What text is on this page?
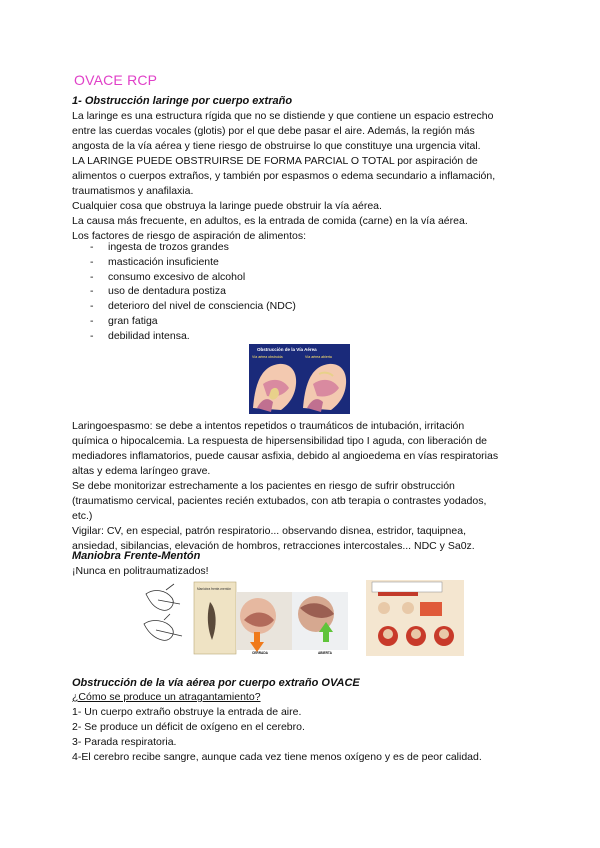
OVACE RCP
1- Obstrucción laringe por cuerpo extraño
La laringe es una estructura rígida que no se distiende y que contiene un espacio estrecho
entre las cuerdas vocales (glotis) por el que debe pasar el aire. Además, la región más
angosta de la vía aérea y tiene riesgo de obstruirse lo que constituye una urgencia vital.
LA LARINGE PUEDE OBSTRUIRSE DE FORMA PARCIAL O TOTAL por aspiración de
alimentos o cuerpos extraños, y también por espasmos o edema secundario a inflamación,
traumatismos y anafilaxia.
Cualquier cosa que obstruya la laringe puede obstruir la vía aérea.
La causa más frecuente, en adultos, es la entrada de comida (carne) en la vía aérea.
Los factores de riesgo de aspiración de alimentos:
-	ingesta de trozos grandes
-	masticación insuficiente
-	consumo excesivo de alcohol
-	uso de dentadura postiza
-	deterioro del nivel de consciencia (NDC)
-	gran fatiga
-	debilidad intensa.
Obstrucción de la Vía Aérea
Vía aérea obstruida	Vía aérea abierta
Laringoespasmo: se debe a intentos repetidos o traumáticos de intubación, irritación
química o hipocalcemia. La respuesta de hipersensibilidad tipo I aguda, con liberación de
mediadores inflamatorios, puede causar asfixia, debido al angioedema en vías respiratorias
altas y edema laríngeo grave.
Se debe monitorizar estrechamente a los pacientes en riesgo de sufrir obstrucción
(traumatismo cervical, pacientes recién extubados, con atb terapia o contrastes yodados,
etc.)
Vigilar: CV, en especial, patrón respiratorio... observando disnea, estridor, taquipnea,
ansiedad, sibilancias, elevación de hombros, retracciones intercostales... NDC y Sa0z.
Maniobra Frente-Mentón
¡Nunca en politraumatizados!
Maniobra frente-mentón
CERRADA	ABIERTA
Obstrucción de la vía aérea por cuerpo extraño OVACE
¿Cómo se produce un atragantamiento?
1- Un cuerpo extraño obstruye la entrada de aire.
2- Se produce un déficit de oxígeno en el cerebro.
3- Parada respiratoria.
4-El cerebro recibe sangre, aunque cada vez tiene menos oxígeno y es de peor calidad.
